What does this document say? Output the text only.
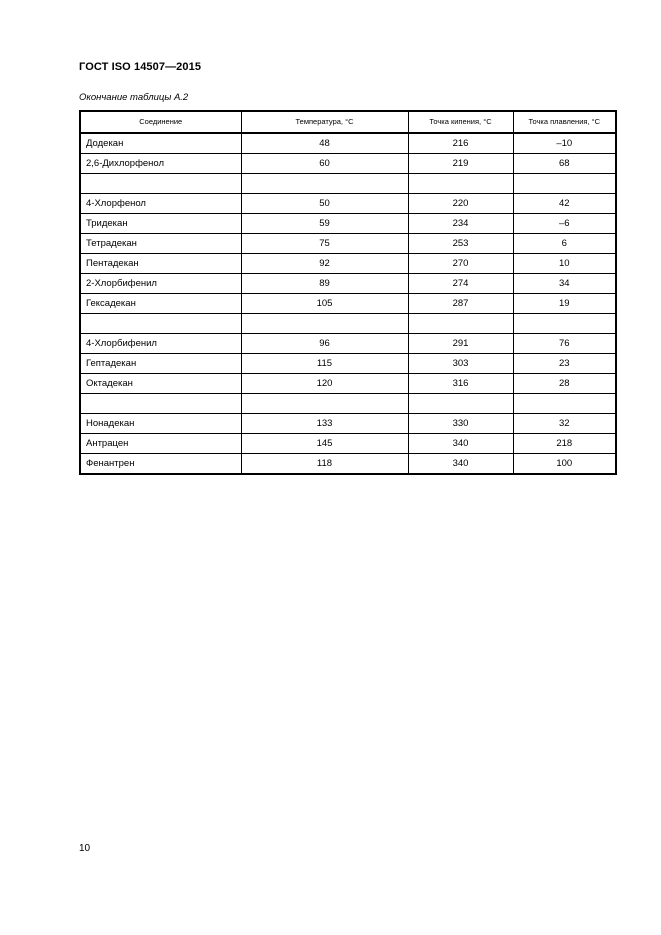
ГОСТ ISO 14507—2015
Окончание таблицы А.2
Соединение	Температура, °С	Точка кипения, °С	Точка плавления, °С
Додекан	48	216	–10
2,6-Дихлорфенол	60	219	68

4-Хлорфенол	50	220	42
Тридекан	59	234	–6
Тетрадекан	75	253	6
Пентадекан	92	270	10
2-Хлорбифенил	89	274	34
Гексадекан	105	287	19

4-Хлорбифенил	96	291	76
Гептадекан	115	303	23
Октадекан	120	316	28

Нонадекан	133	330	32
Антрацен	145	340	218
Фенантрен	118	340	100
10
